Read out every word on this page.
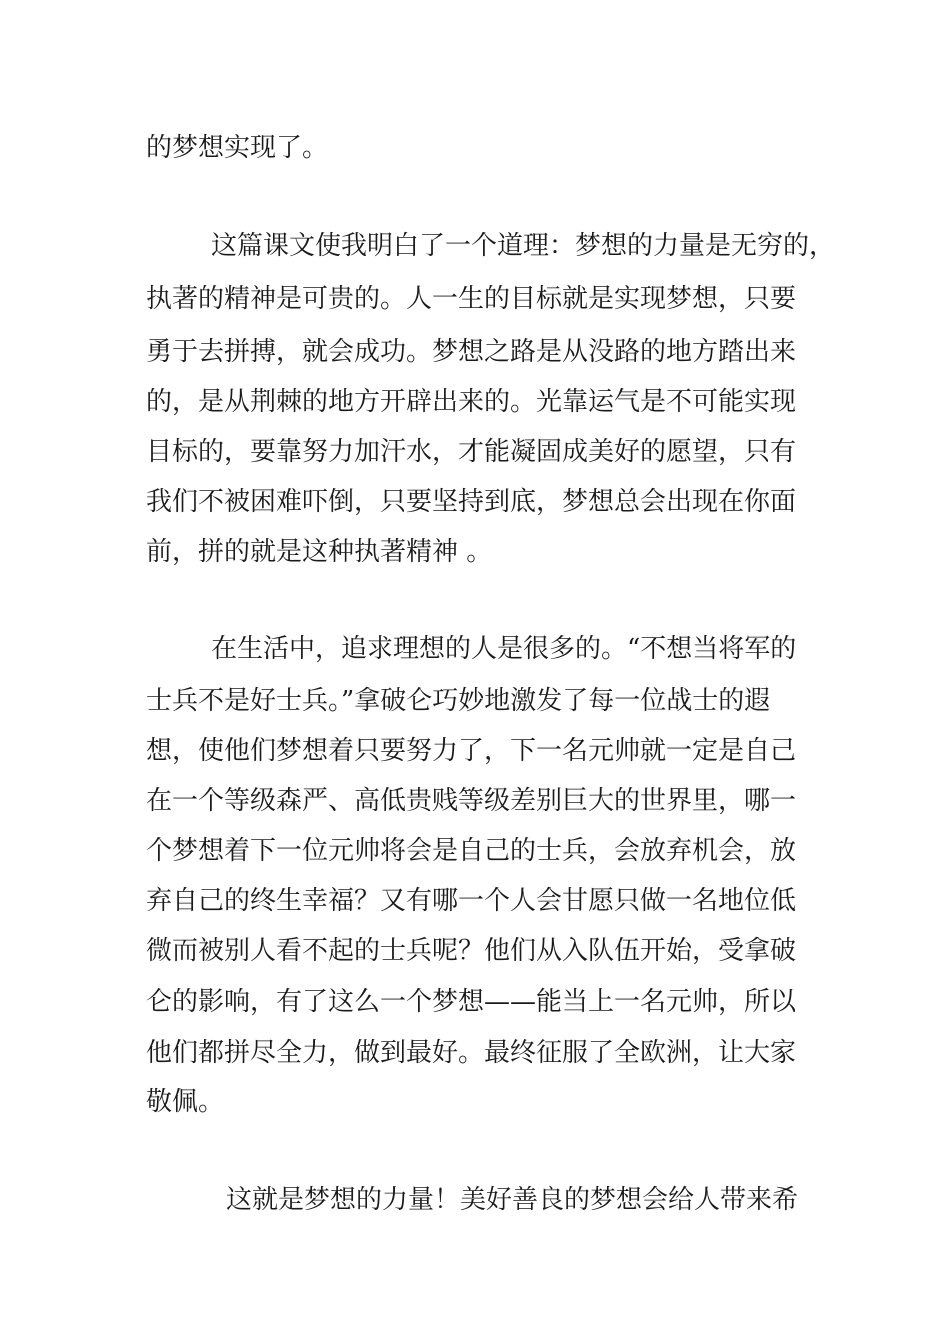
的梦想实现了。

这篇课文使我明白了一个道理：梦想的力量是无穷的，

执著的精神是可贵的。人一生的目标就是实现梦想，只要

勇于去拼搏，就会成功。梦想之路是从没路的地方踏出来

的，是从荆棘的地方开辟出来的。光靠运气是不可能实现

目标的，要靠努力加汗水，才能凝固成美好的愿望，只有

我们不被困难吓倒，只要坚持到底，梦想总会出现在你面

前，拼的就是这种执著精神 。

在生活中，追求理想的人是很多的。“不想当将军的

士兵不是好士兵。”拿破仑巧妙地激发了每一位战士的遐

想，使他们梦想着只要努力了，下一名元帅就一定是自己

在一个等级森严、高低贵贱等级差别巨大的世界里，哪一

个梦想着下一位元帅将会是自己的士兵，会放弃机会，放

弃自己的终生幸福？又有哪一个人会甘愿只做一名地位低

微而被别人看不起的士兵呢？他们从入队伍开始，受拿破

仑的影响，有了这么一个梦想——能当上一名元帅，所以

他们都拼尽全力，做到最好。最终征服了全欧洲，让大家

敬佩。

这就是梦想的力量！美好善良的梦想会给人带来希
